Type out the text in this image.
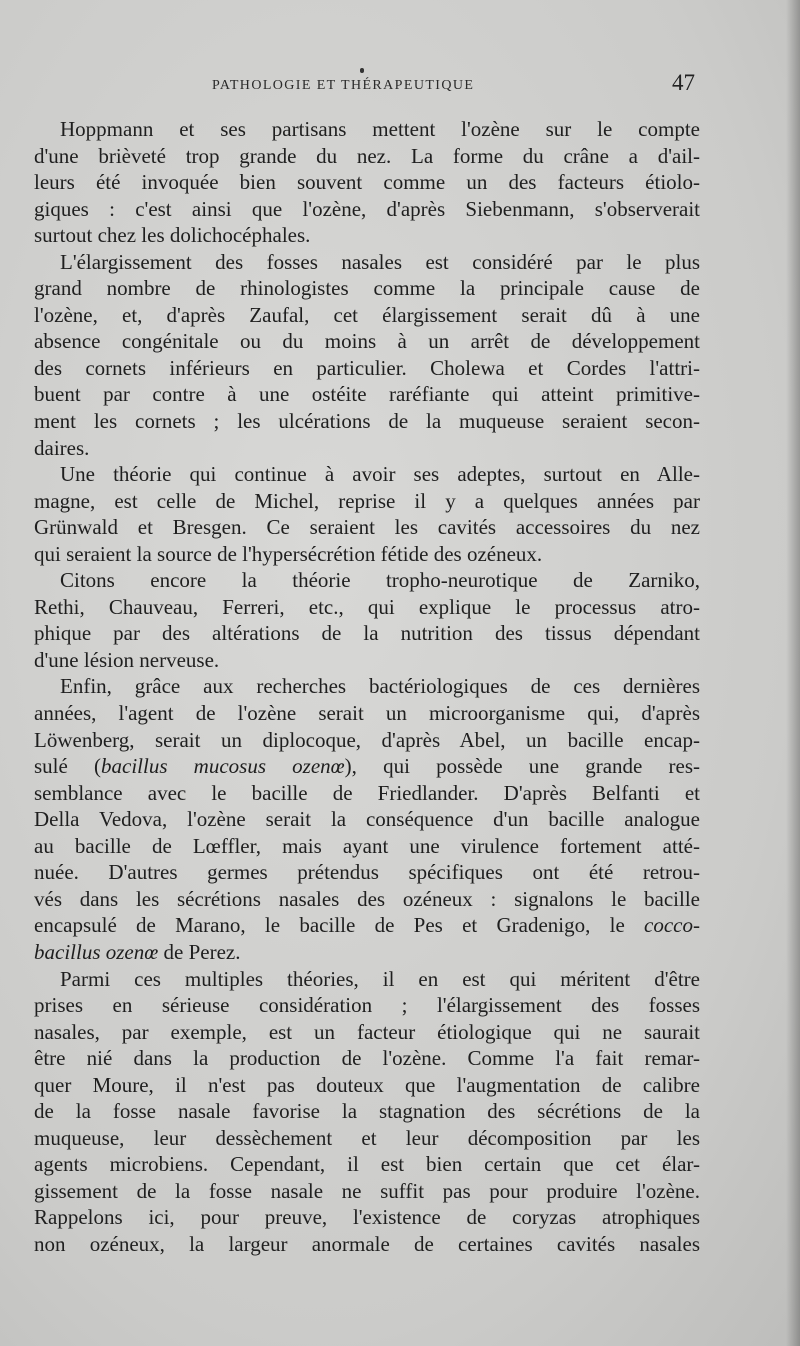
PATHOLOGIE ET THÉRAPEUTIQUE	47
Hoppmann et ses partisans mettent l'ozène sur le compte
d'une brièveté trop grande du nez. La forme du crâne a d'ail-
leurs été invoquée bien souvent comme un des facteurs étiolo-
giques : c'est ainsi que l'ozène, d'après Siebenmann, s'observerait
surtout chez les dolichocéphales.
L'élargissement des fosses nasales est considéré par le plus
grand nombre de rhinologistes comme la principale cause de
l'ozène, et, d'après Zaufal, cet élargissement serait dû à une
absence congénitale ou du moins à un arrêt de développement
des cornets inférieurs en particulier. Cholewa et Cordes l'attri-
buent par contre à une ostéite raréfiante qui atteint primitive-
ment les cornets ; les ulcérations de la muqueuse seraient secon-
daires.
Une théorie qui continue à avoir ses adeptes, surtout en Alle-
magne, est celle de Michel, reprise il y a quelques années par
Grünwald et Bresgen. Ce seraient les cavités accessoires du nez
qui seraient la source de l'hypersécrétion fétide des ozéneux.
Citons encore la théorie tropho-neurotique de Zarniko,
Rethi, Chauveau, Ferreri, etc., qui explique le processus atro-
phique par des altérations de la nutrition des tissus dépendant
d'une lésion nerveuse.
Enfin, grâce aux recherches bactériologiques de ces dernières
années, l'agent de l'ozène serait un microorganisme qui, d'après
Löwenberg, serait un diplocoque, d'après Abel, un bacille encap-
sulé (bacillus mucosus ozenœ), qui possède une grande res-
semblance avec le bacille de Friedlander. D'après Belfanti et
Della Vedova, l'ozène serait la conséquence d'un bacille analogue
au bacille de Lœffler, mais ayant une virulence fortement atté-
nuée. D'autres germes prétendus spécifiques ont été retrou-
vés dans les sécrétions nasales des ozéneux : signalons le bacille
encapsulé de Marano, le bacille de Pes et Gradenigo, le cocco-
bacillus ozenœ de Perez.
Parmi ces multiples théories, il en est qui méritent d'être
prises en sérieuse considération ; l'élargissement des fosses
nasales, par exemple, est un facteur étiologique qui ne saurait
être nié dans la production de l'ozène. Comme l'a fait remar-
quer Moure, il n'est pas douteux que l'augmentation de calibre
de la fosse nasale favorise la stagnation des sécrétions de la
muqueuse, leur dessèchement et leur décomposition par les
agents microbiens. Cependant, il est bien certain que cet élar-
gissement de la fosse nasale ne suffit pas pour produire l'ozène.
Rappelons ici, pour preuve, l'existence de coryzas atrophiques
non ozéneux, la largeur anormale de certaines cavités nasales
